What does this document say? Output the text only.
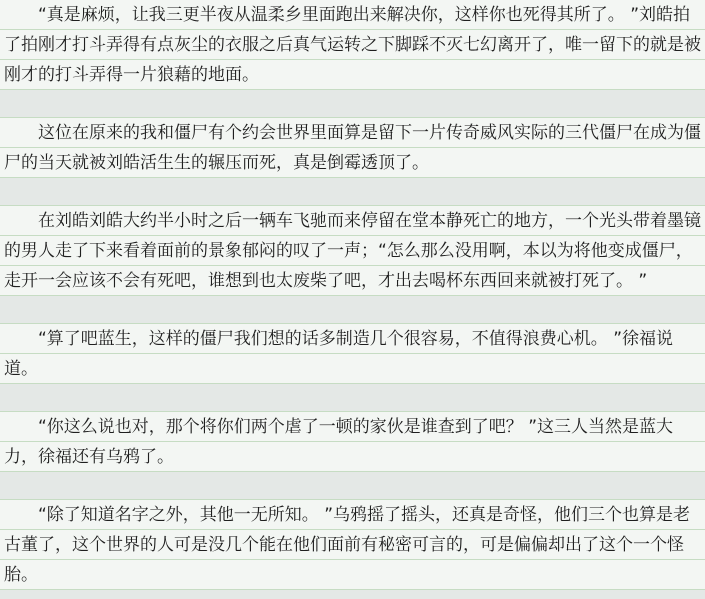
“真是麻烦，让我三更半夜从温柔乡里面跑出来解决你，这样你也死得其所了。 ”刘皓拍了拍刚才打斗弄得有点灰尘的衣服之后真气运转之下脚踩不灭七幻离开了，唯一留下的就是被刚才的打斗弄得一片狼藉的地面。

这位在原来的我和僵尸有个约会世界里面算是留下一片传奇威风实际的三代僵尸在成为僵尸的当天就被刘皓活生生的辗压而死，真是倒霉透顶了。

在刘皓刘皓大约半小时之后一辆车飞驰而来停留在堂本静死亡的地方，一个光头带着墨镜的男人走了下来看着面前的景象郁闷的叹了一声；“怎么那么没用啊，本以为将他变成僵尸，走开一会应该不会有死吧，谁想到也太废柴了吧，才出去喝杯东西回来就被打死了。 ”

“算了吧蓝生，这样的僵尸我们想的话多制造几个很容易，不值得浪费心机。 ”徐福说道。

“你这么说也对，那个将你们两个虐了一顿的家伙是谁查到了吧？ ”这三人当然是蓝大力，徐福还有乌鸦了。

“除了知道名字之外，其他一无所知。 ”乌鸦摇了摇头，还真是奇怪，他们三个也算是老古董了，这个世界的人可是没几个能在他们面前有秘密可言的，可是偏偏却出了这个一个怪胎。
